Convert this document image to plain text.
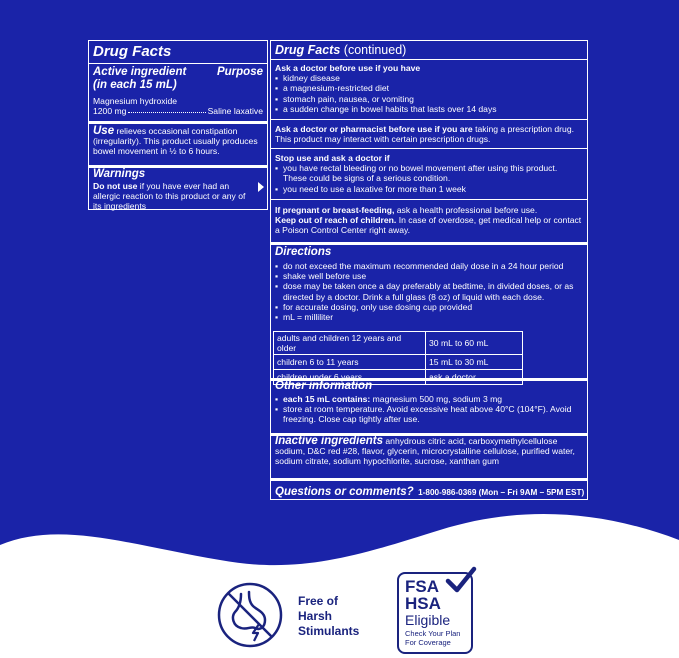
Drug Facts
Active ingredient	Purpose
(in each 15 mL)
Magnesium hydroxide
1200 mg	Saline laxative
Use relieves occasional constipation (irregularity). This product usually produces bowel movement in ½ to 6 hours.
Warnings
Do not use if you have ever had an allergic reaction to this product or any of its ingredients
Drug Facts (continued)
Ask a doctor before use if you have
▪ kidney disease
▪ a magnesium-restricted diet
▪ stomach pain, nausea, or vomiting
▪ a sudden change in bowel habits that lasts over 14 days
Ask a doctor or pharmacist before use if you are taking a prescription drug. This product may interact with certain prescription drugs.
Stop use and ask a doctor if
▪ you have rectal bleeding or no bowel movement after using this product. These could be signs of a serious condition.
▪ you need to use a laxative for more than 1 week
If pregnant or breast-feeding, ask a health professional before use.
Keep out of reach of children. In case of overdose, get medical help or contact a Poison Control Center right away.
Directions
▪ do not exceed the maximum recommended daily dose in a 24 hour period
▪ shake well before use
▪ dose may be taken once a day preferably at bedtime, in divided doses, or as directed by a doctor. Drink a full glass (8 oz) of liquid with each dose.
▪ for accurate dosing, only use dosing cup provided
▪ mL = milliliter
adults and children 12 years and older	30 mL to 60 mL
children 6 to 11 years	15 mL to 30 mL
children under 6 years	ask a doctor
Other information
▪ each 15 mL contains: magnesium 500 mg, sodium 3 mg
▪ store at room temperature. Avoid excessive heat above 40°C (104°F). Avoid freezing. Close cap tightly after use.
Inactive ingredients anhydrous citric acid, carboxymethylcellulose sodium, D&C red #28, flavor, glycerin, microcrystalline cellulose, purified water, sodium citrate, sodium hypochlorite, sucrose, xanthan gum
Questions or comments? 1-800-986-0369 (Mon – Fri 9AM – 5PM EST)
Free of
Harsh
Stimulants
FSA
HSA
Eligible
Check Your Plan
For Coverage
